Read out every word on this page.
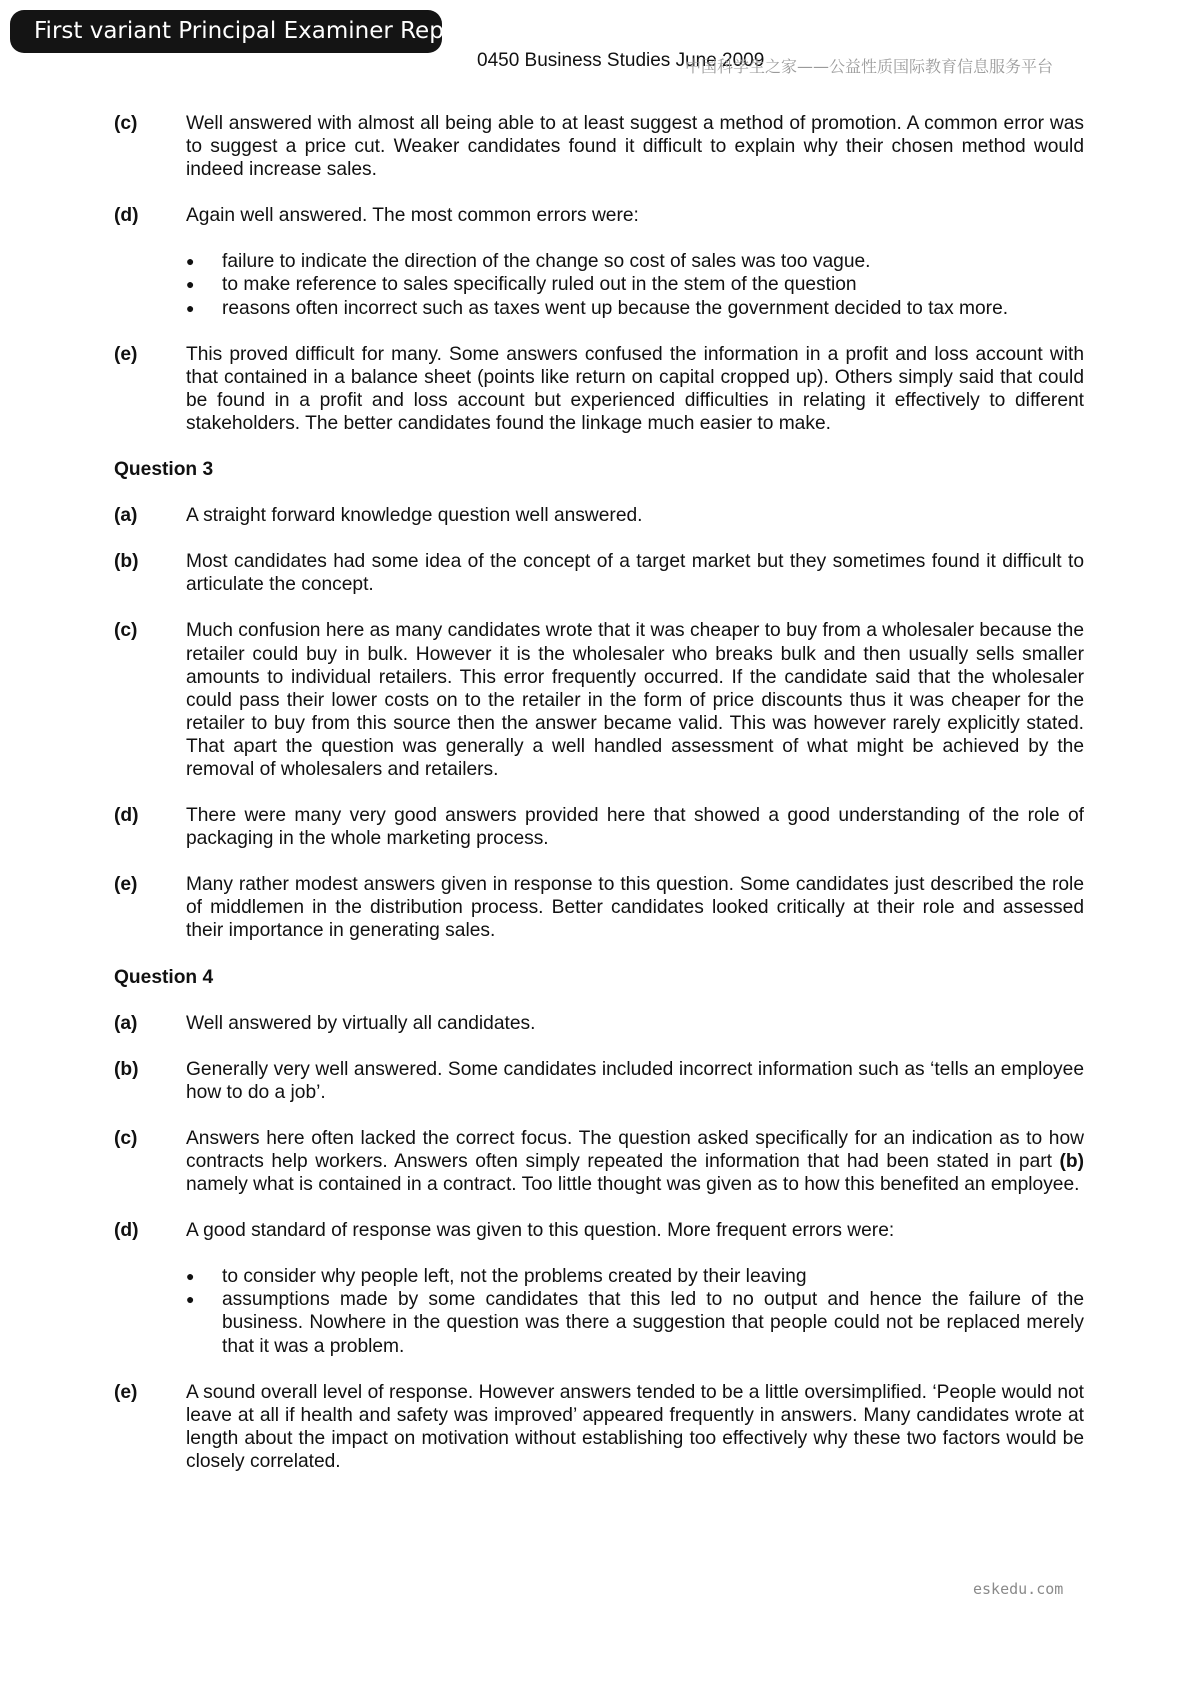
First variant Principal Examiner Report
0450 Business Studies June 2009
中国科学生之家——公益性质国际教育信息服务平台
(c)	Well answered with almost all being able to at least suggest a method of promotion. A common error was to suggest a price cut. Weaker candidates found it difficult to explain why their chosen method would indeed increase sales.
(d)	Again well answered. The most common errors were:
●	failure to indicate the direction of the change so cost of sales was too vague.
●	to make reference to sales specifically ruled out in the stem of the question
●	reasons often incorrect such as taxes went up because the government decided to tax more.
(e)	This proved difficult for many. Some answers confused the information in a profit and loss account with that contained in a balance sheet (points like return on capital cropped up). Others simply said that could be found in a profit and loss account but experienced difficulties in relating it effectively to different stakeholders. The better candidates found the linkage much easier to make.
Question 3
(a)	A straight forward knowledge question well answered.
(b)	Most candidates had some idea of the concept of a target market but they sometimes found it difficult to articulate the concept.
(c)	Much confusion here as many candidates wrote that it was cheaper to buy from a wholesaler because the retailer could buy in bulk. However it is the wholesaler who breaks bulk and then usually sells smaller amounts to individual retailers. This error frequently occurred. If the candidate said that the wholesaler could pass their lower costs on to the retailer in the form of price discounts thus it was cheaper for the retailer to buy from this source then the answer became valid. This was however rarely explicitly stated. That apart the question was generally a well handled assessment of what might be achieved by the removal of wholesalers and retailers.
(d)	There were many very good answers provided here that showed a good understanding of the role of packaging in the whole marketing process.
(e)	Many rather modest answers given in response to this question. Some candidates just described the role of middlemen in the distribution process. Better candidates looked critically at their role and assessed their importance in generating sales.
Question 4
(a)	Well answered by virtually all candidates.
(b)	Generally very well answered. Some candidates included incorrect information such as ‘tells an employee how to do a job’.
(c)	Answers here often lacked the correct focus. The question asked specifically for an indication as to how contracts help workers. Answers often simply repeated the information that had been stated in part (b) namely what is contained in a contract. Too little thought was given as to how this benefited an employee.
(d)	A good standard of response was given to this question. More frequent errors were:
●	to consider why people left, not the problems created by their leaving
●	assumptions made by some candidates that this led to no output and hence the failure of the business. Nowhere in the question was there a suggestion that people could not be replaced merely that it was a problem.
(e)	A sound overall level of response. However answers tended to be a little oversimplified. ‘People would not leave at all if health and safety was improved’ appeared frequently in answers. Many candidates wrote at length about the impact on motivation without establishing too effectively why these two factors would be closely correlated.
eskedu.com
